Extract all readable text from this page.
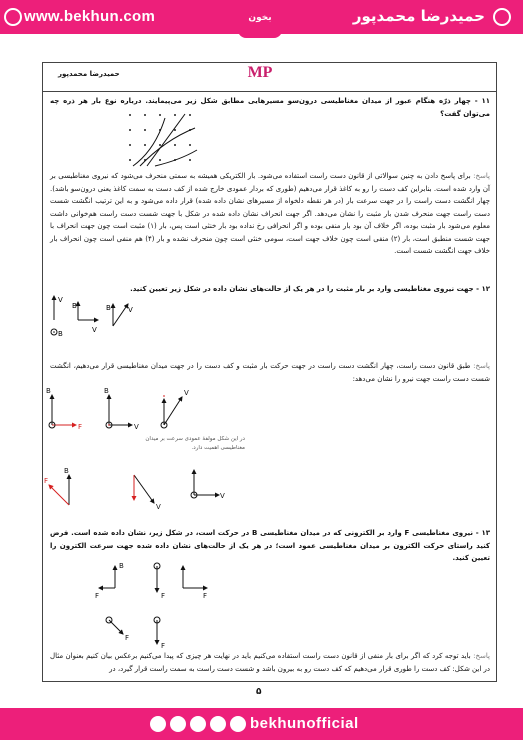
www.bekhun.com	بخون	حمیدرضا محمدپور
حمیدرضا محمدپور	MP
۱۱ - چهار ذرّه هنگام عبور از میدان مغناطیسی درون‌سو مسیرهایی مطابق شکل زیر می‌پیمایند. درباره نوع بار هر ذره چه می‌توان گفت؟
پاسخ: برای پاسخ دادن به چنین سوالاتی از قانون دست راست استفاده می‌شود. بار الکتریکی همیشه به سمتی منحرف می‌شود که نیروی مغناطیسی بر آن وارد شده است. بنابراین کف دست را رو به کاغذ قرار می‌دهیم (طوری که بردار عمودی خارج شده از کف دست به سمت کاغذ یعنی درون‌سو باشد). چهار انگشت دست راست را در جهت سرعت بار (در هر نقطه دلخواه از مسیرهای نشان داده شده) قرار داده می‌شود و به این ترتیب انگشت شست دست راست جهت منحرف شدن بار مثبت را نشان می‌دهد. اگر جهت انحراف نشان داده شده در شکل با جهت شست دست راست هم‌خوانی داشت معلوم می‌شود بار مثبت بوده، اگر خلاف آن بود بار منفی بوده و اگر انحرافی رخ نداده بود بار خنثی است پس، بار (۱) مثبت است چون جهت انحراف با جهت شست منطبق است، بار (۲) منفی است چون خلاف جهت است، سومی خنثی است چون منحرف نشده و بار (۴) هم منفی است چون انحراف بار خلاف جهت انگشت شست است.
۱۲ - جهت نیروی مغناطیسی وارد بر بار مثبت را در هر یک از حالت‌های نشان داده در شکل زیر تعیین کنید.
B
V
V
B	B V
پاسخ: طبق قانون دست راست، چهار انگشت دست راست در جهت حرکت بار مثبت و کف دست را در جهت میدان مغناطیسی قرار می‌دهیم، انگشت شست دست راست جهت نیرو را نشان می‌دهد:
B
F
B
V
V
B
F
V
V
در این شکل مولفهٔ عمودی سرعت بر میدان مغناطیسی اهمیت دارد.
۱۳ - نیروی مغناطیسی F وارد بر الکترونی که در میدان مغناطیسی B در حرکت است، در شکل زیر، نشان داده شده است. فرض کنید راستای حرکت الکترون بر میدان مغناطیسی عمود است؛ در هر یک از حالت‌های نشان داده شده جهت سرعت الکترون را تعیین کنید.
B
F	F	F
F
F
پاسخ: باید توجه کرد که اگر برای بار منفی از قانون دست راست استفاده می‌کنیم باید در نهایت هر چیزی که پیدا می‌کنیم برعکس بیان کنیم بعنوان مثال در این شکل: کف دست را طوری قرار می‌دهیم که کف دست رو به بیرون باشد و شست دست راست به سمت راست قرار گیرد، در
۵
bekhunofficial
